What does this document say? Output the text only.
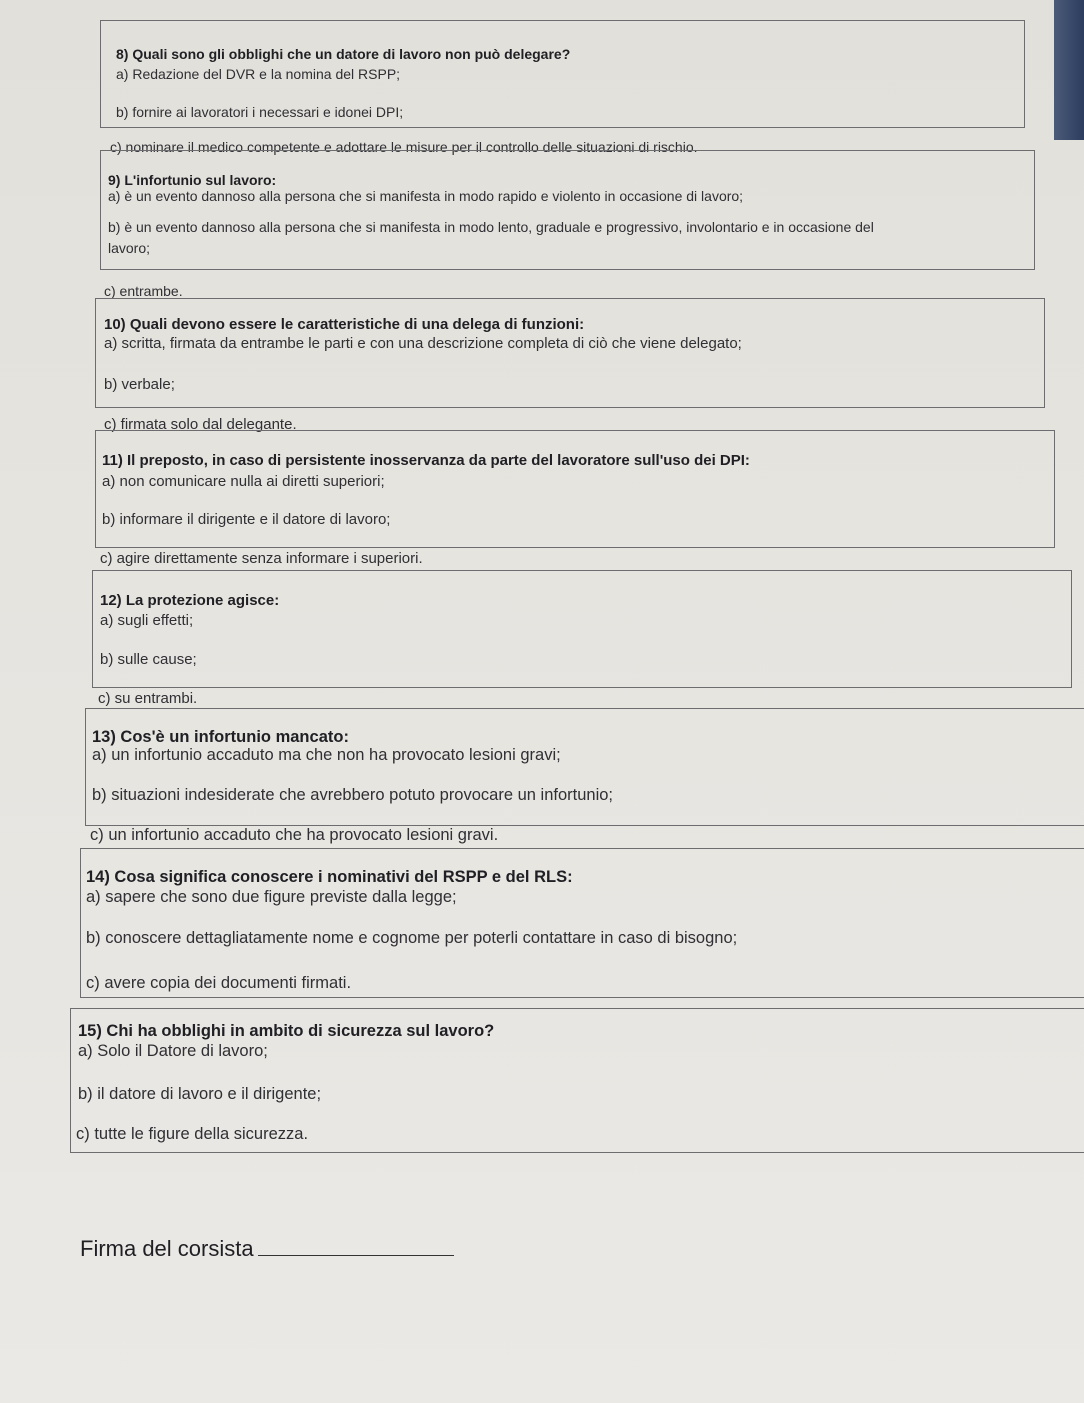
8) Quali sono gli obblighi che un datore di lavoro non può delegare?
a) Redazione del DVR e la nomina del RSPP;
b) fornire ai lavoratori i necessari e idonei DPI;
c) nominare il medico competente e adottare le misure per il controllo delle situazioni di rischio.
9) L'infortunio sul lavoro:
a) è un evento dannoso alla persona che si manifesta in modo rapido e violento in occasione di lavoro;
b) è un evento dannoso alla persona che si manifesta in modo lento, graduale e progressivo, involontario e in occasione del
lavoro;
c) entrambe.
10) Quali devono essere le caratteristiche di una delega di funzioni:
a) scritta, firmata da entrambe le parti e con una descrizione completa di ciò che viene delegato;
b) verbale;
c) firmata solo dal delegante.
11) Il preposto, in caso di persistente inosservanza da parte del lavoratore sull'uso dei DPI:
a) non comunicare nulla ai diretti superiori;
b) informare il dirigente e il datore di lavoro;
c) agire direttamente senza informare i superiori.
12) La protezione agisce:
a) sugli effetti;
b) sulle cause;
c) su entrambi.
13) Cos'è un infortunio mancato:
a) un infortunio accaduto ma che non ha provocato lesioni gravi;
b) situazioni indesiderate che avrebbero potuto provocare un infortunio;
c) un infortunio accaduto che ha provocato lesioni gravi.
14) Cosa significa conoscere i nominativi del RSPP e del RLS:
a) sapere che sono due figure previste dalla legge;
b) conoscere dettagliatamente nome e cognome per poterli contattare in caso di bisogno;
c) avere copia dei documenti firmati.
15) Chi ha obblighi in ambito di sicurezza sul lavoro?
a) Solo il Datore di lavoro;
b) il datore di lavoro e il dirigente;
c) tutte le figure della sicurezza.
Firma del corsista
